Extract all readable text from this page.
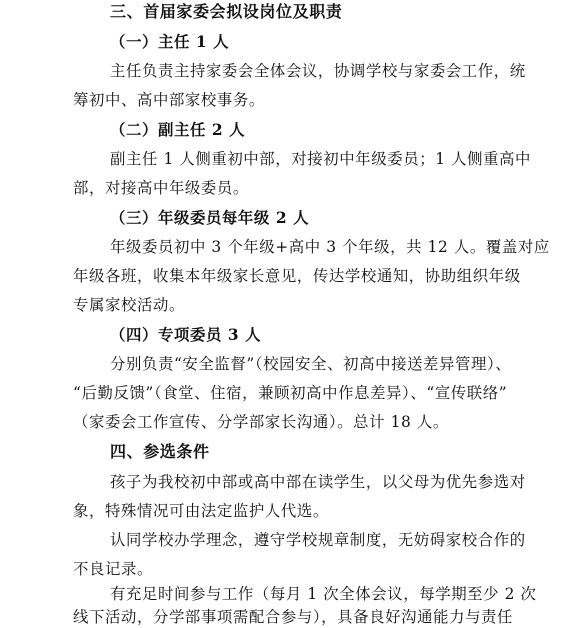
三、首届家委会拟设岗位及职责
（一）主任 1 人
主任负责主持家委会全体会议，协调学校与家委会工作，统
筹初中、高中部家校事务。
（二）副主任 2 人
副主任 1 人侧重初中部，对接初中年级委员；1 人侧重高中
部，对接高中年级委员。
（三）年级委员每年级 2 人
年级委员初中 3 个年级+高中 3 个年级，共 12 人。覆盖对应
年级各班，收集本年级家长意见，传达学校通知，协助组织年级
专属家校活动。
（四）专项委员 3 人
分别负责“安全监督”（校园安全、初高中接送差异管理）、
“后勤反馈”（食堂、住宿，兼顾初高中作息差异）、“宣传联络”
（家委会工作宣传、分学部家长沟通）。总计 18 人。
四、参选条件
孩子为我校初中部或高中部在读学生，以父母为优先参选对
象，特殊情况可由法定监护人代选。
认同学校办学理念，遵守学校规章制度，无妨碍家校合作的
不良记录。
有充足时间参与工作（每月 1 次全体会议，每学期至少 2 次
线下活动，分学部事项需配合参与），具备良好沟通能力与责任
